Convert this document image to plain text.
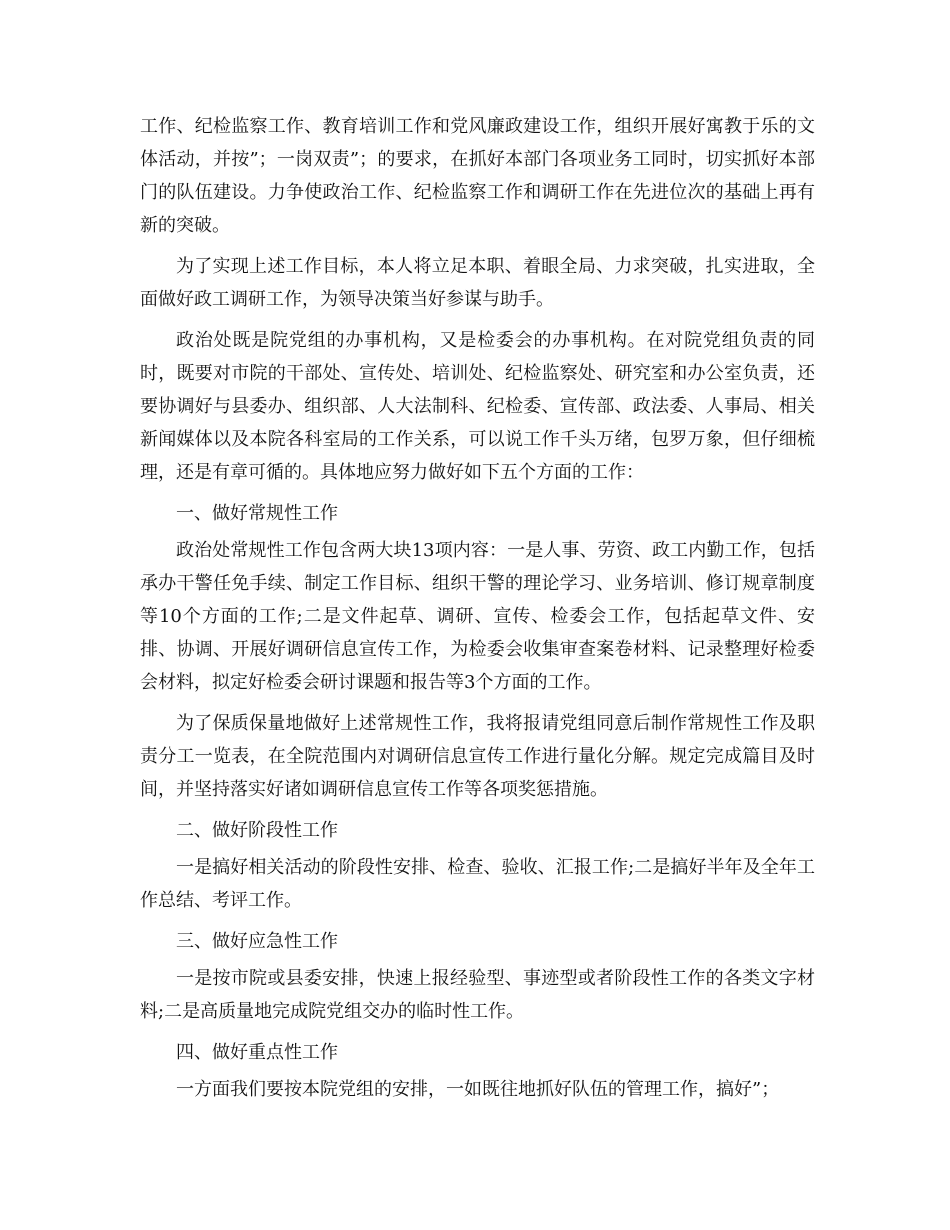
工作、纪检监察工作、教育培训工作和党风廉政建设工作，组织开展好寓教于乐的文体活动，并按”；一岗双责”；的要求，在抓好本部门各项业务工同时，切实抓好本部门的队伍建设。力争使政治工作、纪检监察工作和调研工作在先进位次的基础上再有新的突破。

为了实现上述工作目标，本人将立足本职、着眼全局、力求突破，扎实进取，全面做好政工调研工作，为领导决策当好参谋与助手。

政治处既是院党组的办事机构，又是检委会的办事机构。在对院党组负责的同时，既要对市院的干部处、宣传处、培训处、纪检监察处、研究室和办公室负责，还要协调好与县委办、组织部、人大法制科、纪检委、宣传部、政法委、人事局、相关新闻媒体以及本院各科室局的工作关系，可以说工作千头万绪，包罗万象，但仔细梳理，还是有章可循的。具体地应努力做好如下五个方面的工作：

一、做好常规性工作

政治处常规性工作包含两大块13项内容：一是人事、劳资、政工内勤工作，包括承办干警任免手续、制定工作目标、组织干警的理论学习、业务培训、修订规章制度等10个方面的工作;二是文件起草、调研、宣传、检委会工作，包括起草文件、安排、协调、开展好调研信息宣传工作，为检委会收集审查案卷材料、记录整理好检委会材料，拟定好检委会研讨课题和报告等3个方面的工作。

为了保质保量地做好上述常规性工作，我将报请党组同意后制作常规性工作及职责分工一览表，在全院范围内对调研信息宣传工作进行量化分解。规定完成篇目及时间，并坚持落实好诸如调研信息宣传工作等各项奖惩措施。

二、做好阶段性工作

一是搞好相关活动的阶段性安排、检查、验收、汇报工作;二是搞好半年及全年工作总结、考评工作。

三、做好应急性工作

一是按市院或县委安排，快速上报经验型、事迹型或者阶段性工作的各类文字材料;二是高质量地完成院党组交办的临时性工作。

四、做好重点性工作

一方面我们要按本院党组的安排，一如既往地抓好队伍的管理工作，搞好”；
